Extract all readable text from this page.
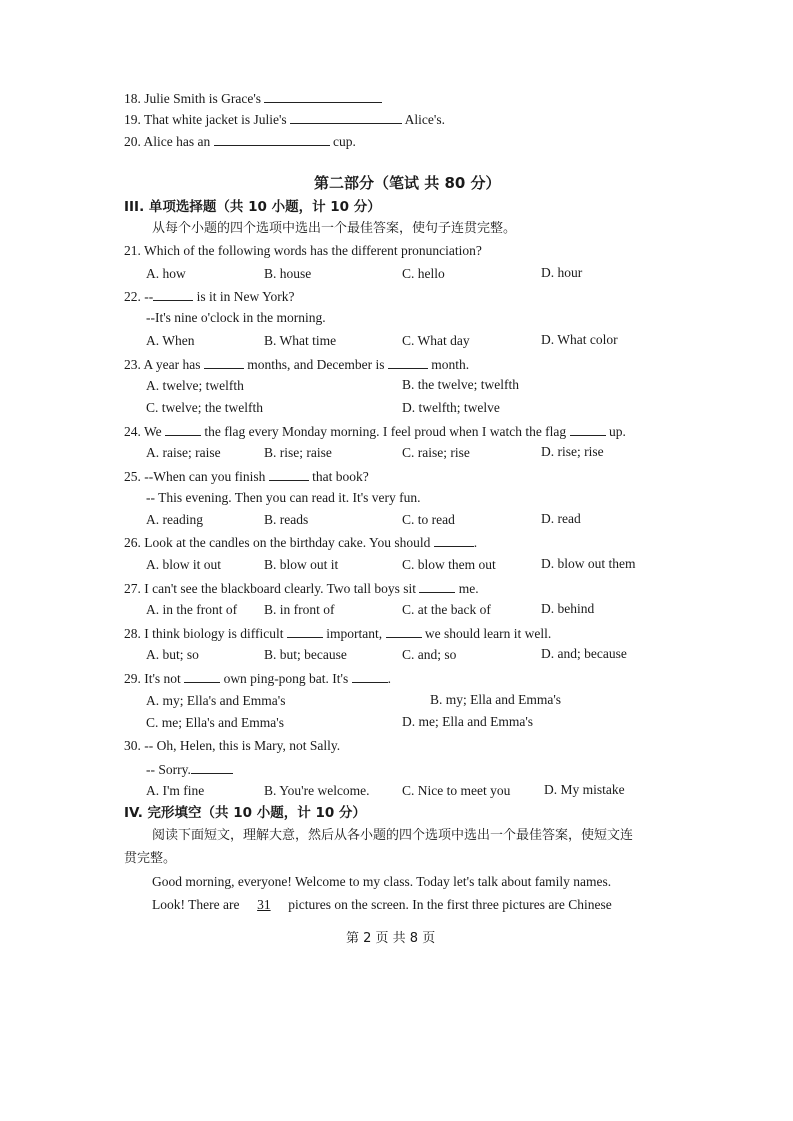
18. Julie Smith is Grace's
19. That white jacket is Julie's	Alice's.
20. Alice has an	cup.
第二部分（笔试 共 80 分）
III. 单项选择题（共 10 小题，计 10 分）
从每个小题的四个选项中选出一个最佳答案，使句子连贯完整。
21. Which of the following words has the different pronunciation?
A. how	B. house	C. hello	D. hour
22. --	is it in New York?
--It's nine o'clock in the morning.
A. When	B. What time	C. What day	D. What color
23. A year has	months, and December is	month.
A. twelve; twelfth	B. the twelve; twelfth
C. twelve; the twelfth	D. twelfth; twelve
24. We	the flag every Monday morning. I feel proud when I watch the flag	up.
A. raise; raise	B. rise; raise	C. raise; rise	D. rise; rise
25. --When can you finish	that book?
-- This evening. Then you can read it. It's very fun.
A. reading	B. reads	C. to read	D. read
26. Look at the candles on the birthday cake. You should	.
A. blow it out	B. blow out it	C. blow them out	D. blow out them
27. I can't see the blackboard clearly. Two tall boys sit	me.
A. in the front of B. in front of	C. at the back of	D. behind
28. I think biology is difficult	important,	we should learn it well.
A. but; so	B. but; because	C. and; so	D. and; because
29. It's not	own ping-pong bat. It's	.
A. my; Ella's and Emma's	B. my; Ella and Emma's
C. me; Ella's and Emma's	D. me; Ella and Emma's
30. -- Oh, Helen, this is Mary, not Sally.
-- Sorry.
A. I'm fine	B. You're welcome. C. Nice to meet you D. My mistake
IV. 完形填空（共 10 小题，计 10 分）
阅读下面短文，理解大意，然后从各小题的四个选项中选出一个最佳答案，使短文连
贯完整。
Good morning, everyone! Welcome to my class. Today let's talk about family names.
Look! There are 31 pictures on the screen. In the first three pictures are Chinese
第 2 页 共 8 页
